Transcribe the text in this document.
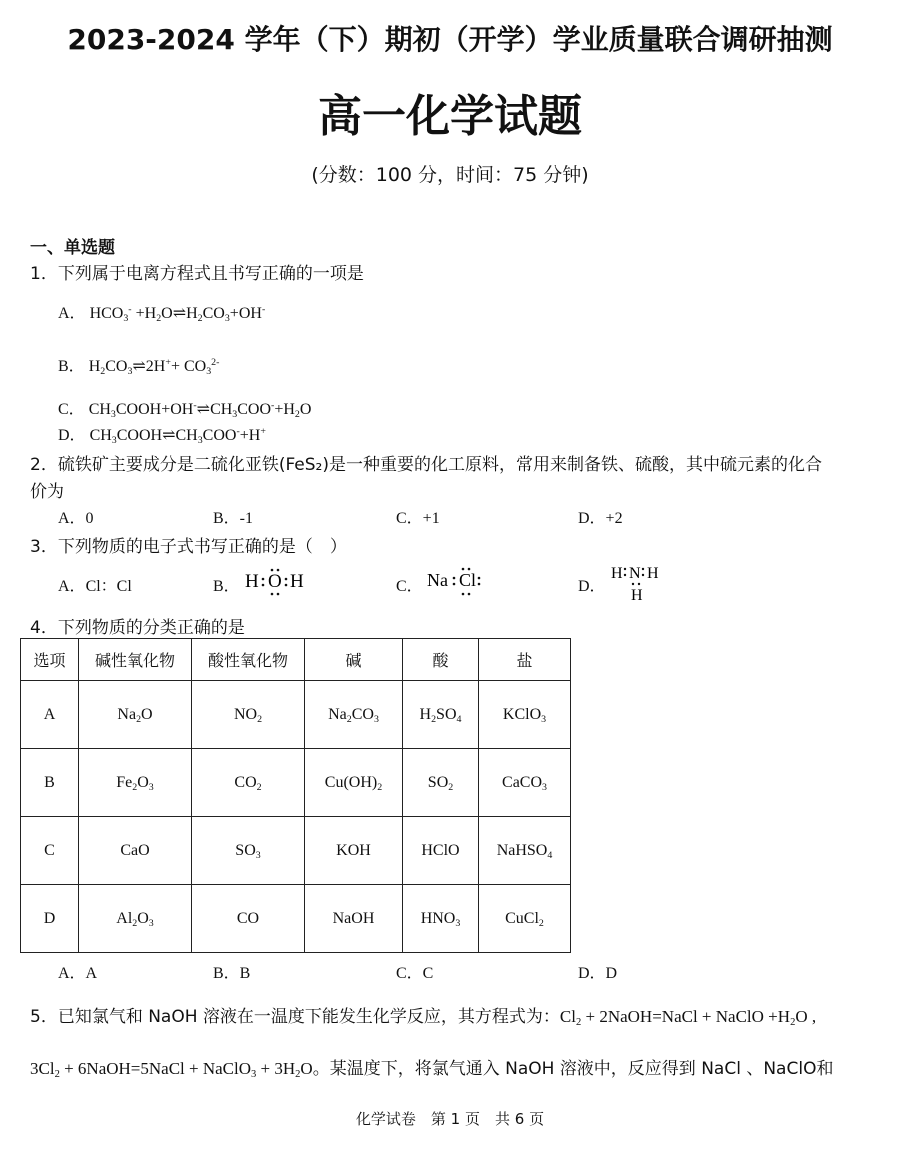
2023-2024 学年（下）期初（开学）学业质量联合调研抽测
高一化学试题
(分数：100 分，时间：75 分钟)
一、单选题
1．下列属于电离方程式且书写正确的一项是
A． $HCO_3^-$ $+H_2O\rightleftharpoons H_2CO_3+OH^-$
B． $H_2CO_3\rightleftharpoons 2H^++ CO_3^{2-}$
C． $CH_3COOH+OH^-\rightleftharpoons CH_3COO^-+H_2O$
D． $CH_3COOH\rightleftharpoons CH_3COO^-+H^+$
2．硫铁矿主要成分是二硫化亚铁(FeS₂)是一种重要的化工原料，常用来制备铁、硫酸，其中硫元素的化合
价为
A．0	B．-1	C．+1	D．+2
3．下列物质的电子式书写正确的是（　）
A．Cl：Cl	B． H O H	C． Na Cl	D．
H N H
H
4．下列物质的分类正确的是
选项	碱性氧化物	酸性氧化物	碱	酸	盐
A	$Na_2O$	$NO_2$	$Na_2CO_3$	$H_2SO_4$	KClO$_3$
B	$Fe_2O_3$	$CO_2$	$Cu(OH)_2$	$SO_2$	CaCO$_3$
C	CaO	$SO_3$	KOH	HClO	NaHSO$_4$
D	$Al_2O_3$	CO	NaOH	$HNO_3$	CuCl$_2$
A．A	B．B	C．C	D．D
5．已知氯气和 NaOH 溶液在一温度下能发生化学反应，其方程式为：$Cl_2$ + 2NaOH=NaCl + NaClO $+H_2O$ ,
$3Cl_2$ + 6NaOH=5NaCl + NaClO$_3$ + $3H_2O$。某温度下，将氯气通入 NaOH 溶液中，反应得到 NaCl 、NaClO和
化学试卷　第 1 页　共 6 页
